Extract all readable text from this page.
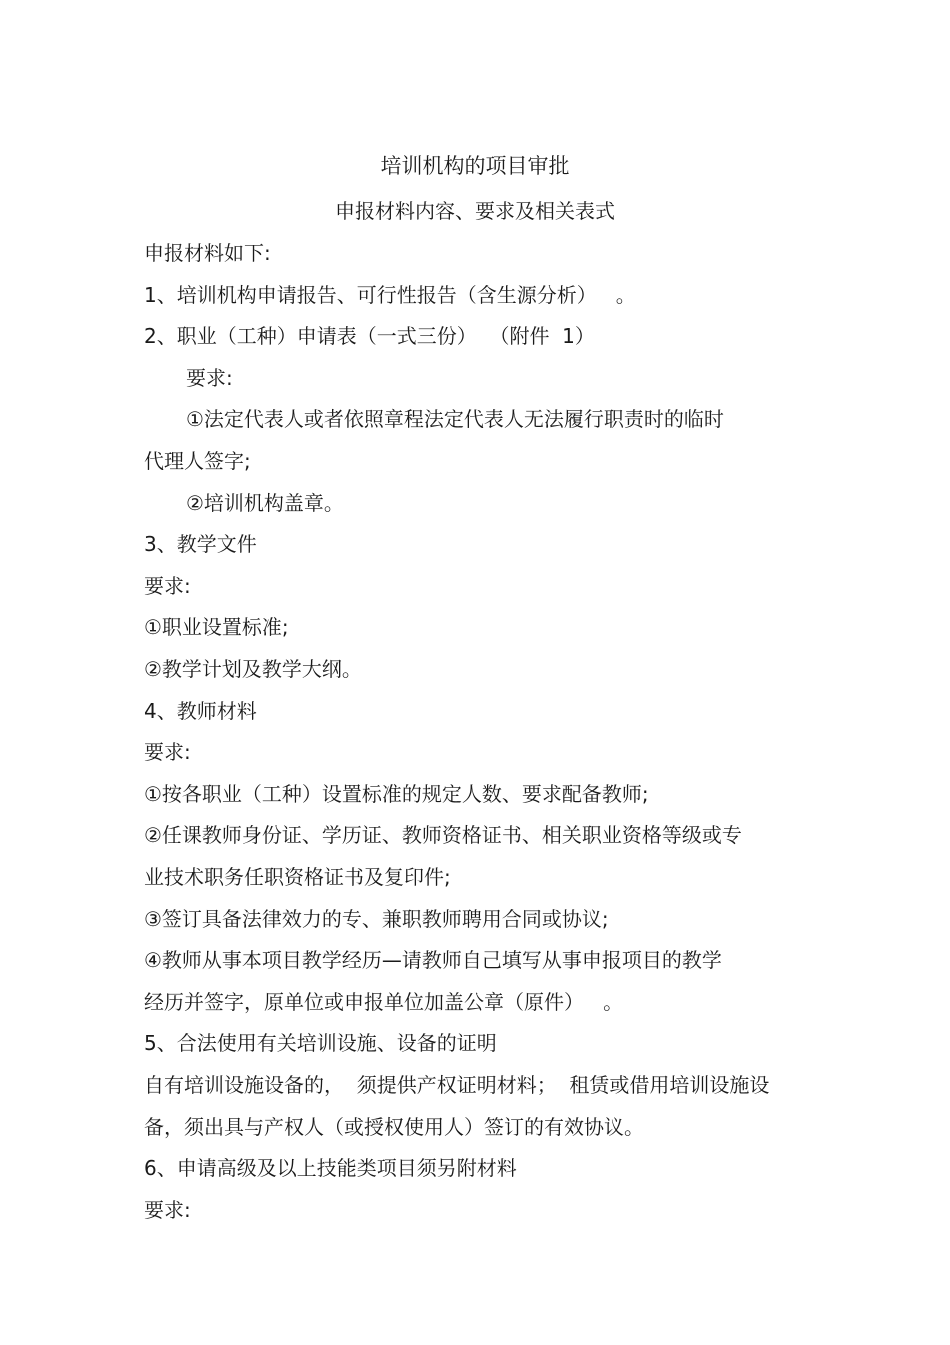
培训机构的项目审批
申报材料内容、要求及相关表式
申报材料如下:
1、培训机构申请报告、可行性报告（含生源分析）   。
2、职业（工种）申请表（一式三份）  （附件  1）
要求:
①法定代表人或者依照章程法定代表人无法履行职责时的临时
代理人签字;
②培训机构盖章。
3、教学文件
要求:
①职业设置标准;
②教学计划及教学大纲。
4、教师材料
要求:
①按各职业（工种）设置标准的规定人数、要求配备教师;
②任课教师身份证、学历证、教师资格证书、相关职业资格等级或专
业技术职务任职资格证书及复印件;
③签订具备法律效力的专、兼职教师聘用合同或协议;
④教师从事本项目教学经历—请教师自己填写从事申报项目的教学
经历并签字，原单位或申报单位加盖公章（原件）   。
5、合法使用有关培训设施、设备的证明
自有培训设施设备的，  须提供产权证明材料；  租赁或借用培训设施设
备，须出具与产权人（或授权使用人）签订的有效协议。
6、申请高级及以上技能类项目须另附材料
要求:
